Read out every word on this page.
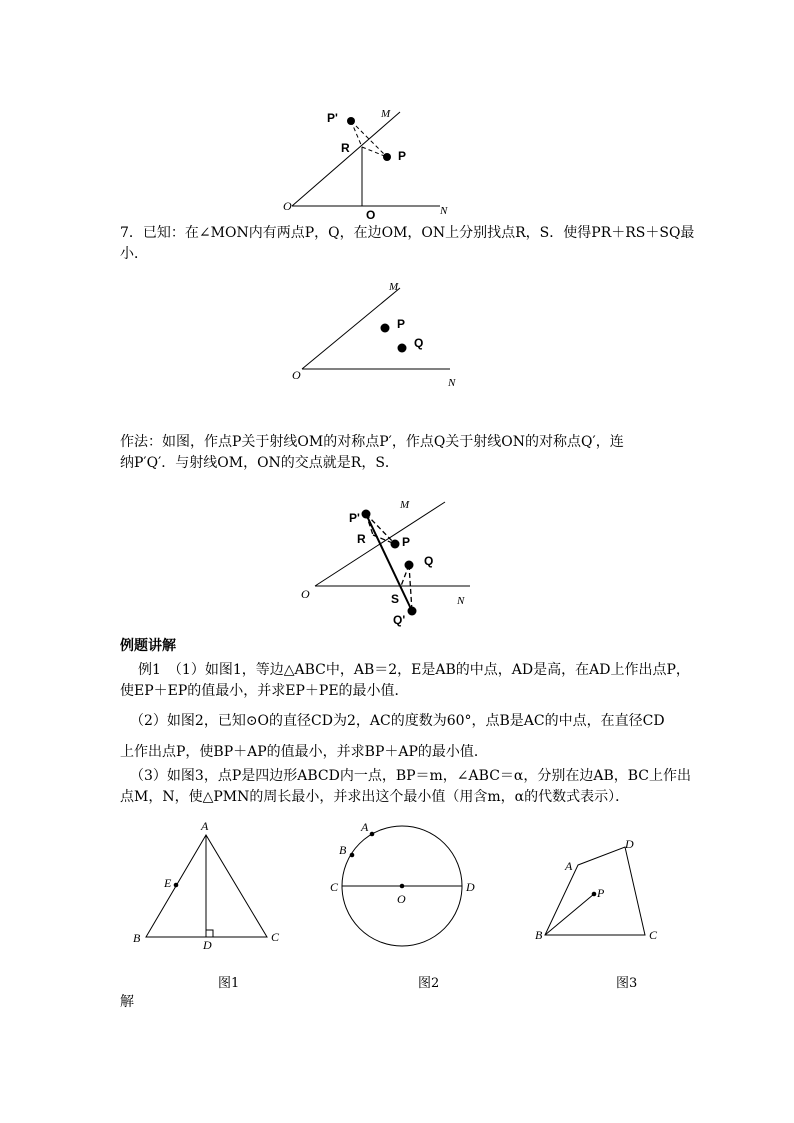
P'	M
R
P
O
O	N
7．已知：在∠MON内有两点P，Q，在边OM，ON上分别找点R，S．使得PR＋RS＋SQ最
小．
M
P
Q
O
N
作法：如图，作点P关于射线OM的对称点P′，作点Q关于射线ON的对称点Q′，连
纳P′Q′．与射线OM，ON的交点就是R，S．
P'
M
R	P
Q
O	S	N
Q'
例题讲解
例1　（1）如图1，等边△ABC中，AB＝2，E是AB的中点，AD是高，在AD上作出点P，
使EP＋EP的值最小，并求EP＋PE的最小值．
（2）如图2，已知⊙O的直径CD为2，AC的度数为60°，点B是AC的中点，在直径CD
上作出点P，使BP＋AP的值最小，并求BP＋AP的最小值．
（3）如图3，点P是四边形ABCD内一点，BP＝m，∠ABC＝α，分别在边AB，BC上作出
点M，N，使△PMN的周长最小，并求出这个最小值（用含m，α的代数式表示）．
A
E
B	D
C
A
B
C	D
O
A
D
P
B	C
图1	图2	图3
解
